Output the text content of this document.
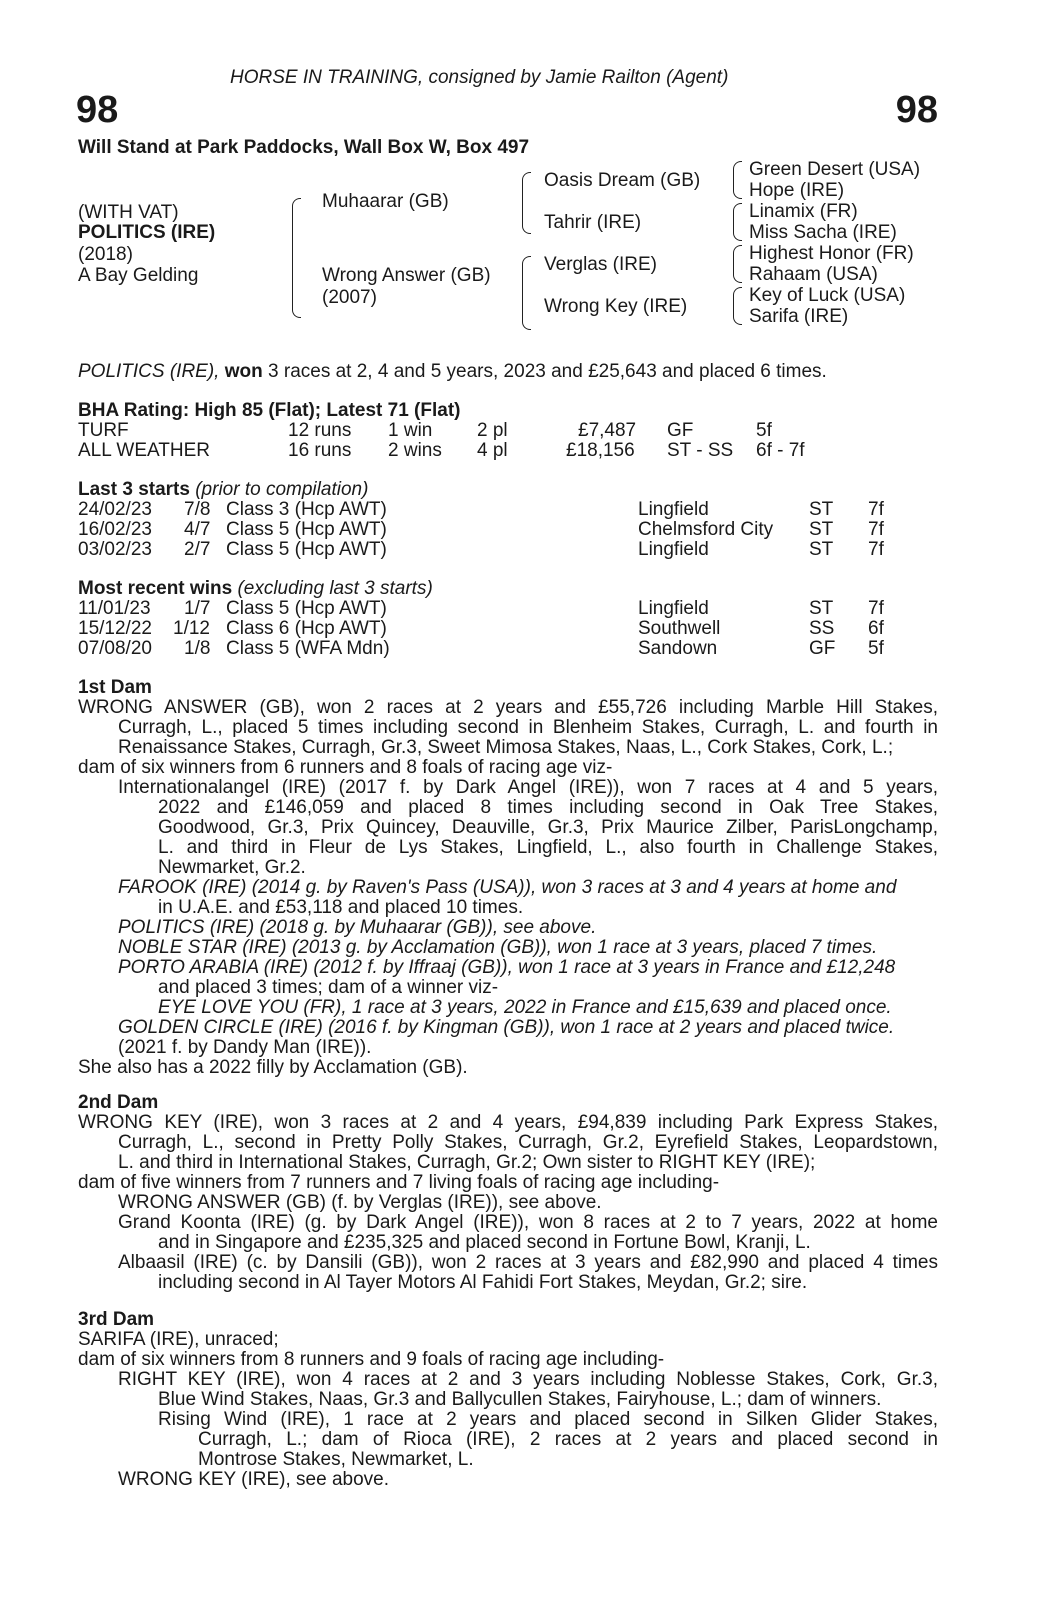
HORSE IN TRAINING, consigned by Jamie Railton (Agent)
98	98
Will Stand at Park Paddocks, Wall Box W, Box 497
(WITH VAT)
POLITICS (IRE)
(2018)
A Bay Gelding
Muhaarar (GB)
Wrong Answer (GB)
(2007)
Oasis Dream (GB)
Tahrir (IRE)
Verglas (IRE)
Wrong Key (IRE)
Green Desert (USA)
Hope (IRE)
Linamix (FR)
Miss Sacha (IRE)
Highest Honor (FR)
Rahaam (USA)
Key of Luck (USA)
Sarifa (IRE)
POLITICS (IRE), won 3 races at 2, 4 and 5 years, 2023 and £25,643 and placed 6 times.
BHA Rating: High 85 (Flat); Latest 71 (Flat)
TURF	12 runs 1 win 2 pl	£7,487 GF	5f
ALL WEATHER	16 runs 2 wins 4 pl	£18,156 ST - SS 6f - 7f
Last 3 starts (prior to compilation)
24/02/23 7/8 Class 3 (Hcp AWT)	Lingfield	ST 7f
16/02/23 4/7 Class 5 (Hcp AWT)	Chelmsford City ST 7f
03/02/23 2/7 Class 5 (Hcp AWT)	Lingfield	ST 7f
Most recent wins (excluding last 3 starts)
11/01/23 1/7 Class 5 (Hcp AWT)	Lingfield	ST 7f
15/12/22 1/12 Class 6 (Hcp AWT)	Southwell	SS 6f
07/08/20 1/8 Class 5 (WFA Mdn)	Sandown	GF 5f
1st Dam
WRONG ANSWER (GB), won 2 races at 2 years and £55,726 including Marble Hill Stakes,
Curragh, L., placed 5 times including second in Blenheim Stakes, Curragh, L. and fourth in
Renaissance Stakes, Curragh, Gr.3, Sweet Mimosa Stakes, Naas, L., Cork Stakes, Cork, L.;
dam of six winners from 6 runners and 8 foals of racing age viz-
Internationalangel (IRE) (2017 f. by Dark Angel (IRE)), won 7 races at 4 and 5 years,
2022 and £146,059 and placed 8 times including second in Oak Tree Stakes,
Goodwood, Gr.3, Prix Quincey, Deauville, Gr.3, Prix Maurice Zilber, ParisLongchamp,
L. and third in Fleur de Lys Stakes, Lingfield, L., also fourth in Challenge Stakes,
Newmarket, Gr.2.
FAROOK (IRE) (2014 g. by Raven's Pass (USA)), won 3 races at 3 and 4 years at home and
in U.A.E. and £53,118 and placed 10 times.
POLITICS (IRE) (2018 g. by Muhaarar (GB)), see above.
NOBLE STAR (IRE) (2013 g. by Acclamation (GB)), won 1 race at 3 years, placed 7 times.
PORTO ARABIA (IRE) (2012 f. by Iffraaj (GB)), won 1 race at 3 years in France and £12,248
and placed 3 times; dam of a winner viz-
EYE LOVE YOU (FR), 1 race at 3 years, 2022 in France and £15,639 and placed once.
GOLDEN CIRCLE (IRE) (2016 f. by Kingman (GB)), won 1 race at 2 years and placed twice.
(2021 f. by Dandy Man (IRE)).
She also has a 2022 filly by Acclamation (GB).
2nd Dam
WRONG KEY (IRE), won 3 races at 2 and 4 years, £94,839 including Park Express Stakes,
Curragh, L., second in Pretty Polly Stakes, Curragh, Gr.2, Eyrefield Stakes, Leopardstown,
L. and third in International Stakes, Curragh, Gr.2; Own sister to RIGHT KEY (IRE);
dam of five winners from 7 runners and 7 living foals of racing age including-
WRONG ANSWER (GB) (f. by Verglas (IRE)), see above.
Grand Koonta (IRE) (g. by Dark Angel (IRE)), won 8 races at 2 to 7 years, 2022 at home
and in Singapore and £235,325 and placed second in Fortune Bowl, Kranji, L.
Albaasil (IRE) (c. by Dansili (GB)), won 2 races at 3 years and £82,990 and placed 4 times
including second in Al Tayer Motors Al Fahidi Fort Stakes, Meydan, Gr.2; sire.
3rd Dam
SARIFA (IRE), unraced;
dam of six winners from 8 runners and 9 foals of racing age including-
RIGHT KEY (IRE), won 4 races at 2 and 3 years including Noblesse Stakes, Cork, Gr.3,
Blue Wind Stakes, Naas, Gr.3 and Ballycullen Stakes, Fairyhouse, L.; dam of winners.
Rising Wind (IRE), 1 race at 2 years and placed second in Silken Glider Stakes,
Curragh, L.; dam of Rioca (IRE), 2 races at 2 years and placed second in
Montrose Stakes, Newmarket, L.
WRONG KEY (IRE), see above.
